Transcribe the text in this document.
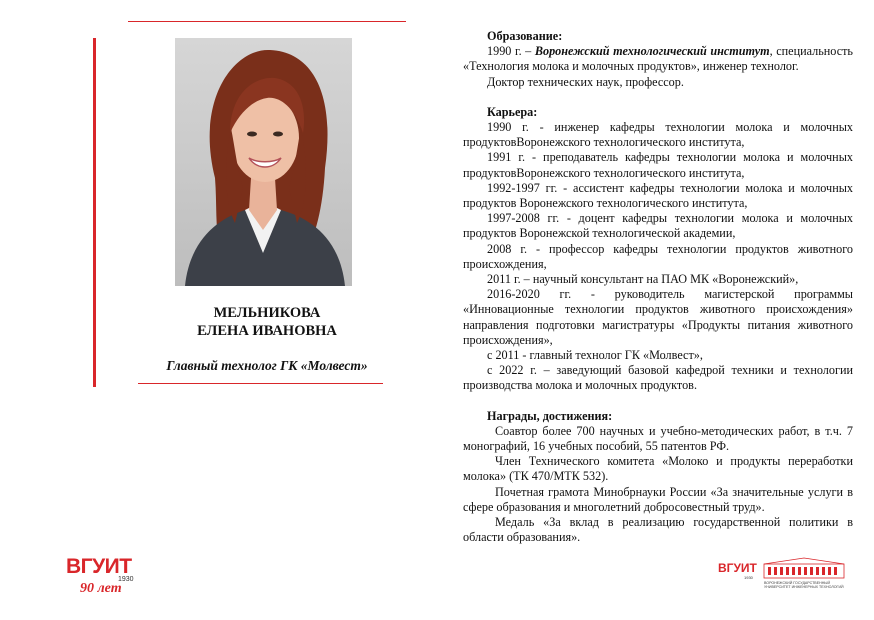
МЕЛЬНИКОВА
ЕЛЕНА ИВАНОВНА
Главный технолог ГК «Молвест»
Образование:

1990 г. – Воронежский технологический институт, специальность «Технология молока и молочных продуктов», инженер технолог.

Доктор технических наук, профессор.

Карьера:

1990 г. - инженер кафедры технологии молока и молочных продуктовВоронежского технологического института,

1991 г. - преподаватель кафедры технологии молока и молочных продуктовВоронежского технологического института,

1992-1997 гг. - ассистент кафедры технологии молока и молочных продуктов Воронежского технологического института,

1997-2008 гг. - доцент кафедры технологии молока и молочных продуктов Воронежской технологической академии,

2008 г. - профессор кафедры технологии продуктов животного происхождения,

2011 г. – научный консультант на ПАО МК «Воронежский»,

2016-2020 гг. - руководитель магистерской программы «Инновационные технологии продуктов животного происхождения» направления подготовки магистратуры «Продукты питания животного происхождения»,

с 2011 - главный технолог ГК «Молвест»,

с 2022 г. – заведующий базовой кафедрой техники и технологии производства молока и молочных продуктов.

Награды, достижения:

Соавтор более 700 научных и учебно-методических работ, в т.ч. 7 монографий, 16 учебных пособий, 55 патентов РФ.

Член Технического комитета «Молоко и продукты переработки молока» (ТК 470/МТК 532).

Почетная грамота Минобрнауки России «За значительные услуги в сфере образования и многолетний добросовестный труд».

Медаль «За вклад в реализацию государственной политики в области образования».

ВГУИТ
1930
90 лет
ВГУИТ
1930
ВОРОНЕЖСКИЙ ГОСУДАРСТВЕННЫЙ УНИВЕРСИТЕТ ИНЖЕНЕРНЫХ ТЕХНОЛОГИЙ
